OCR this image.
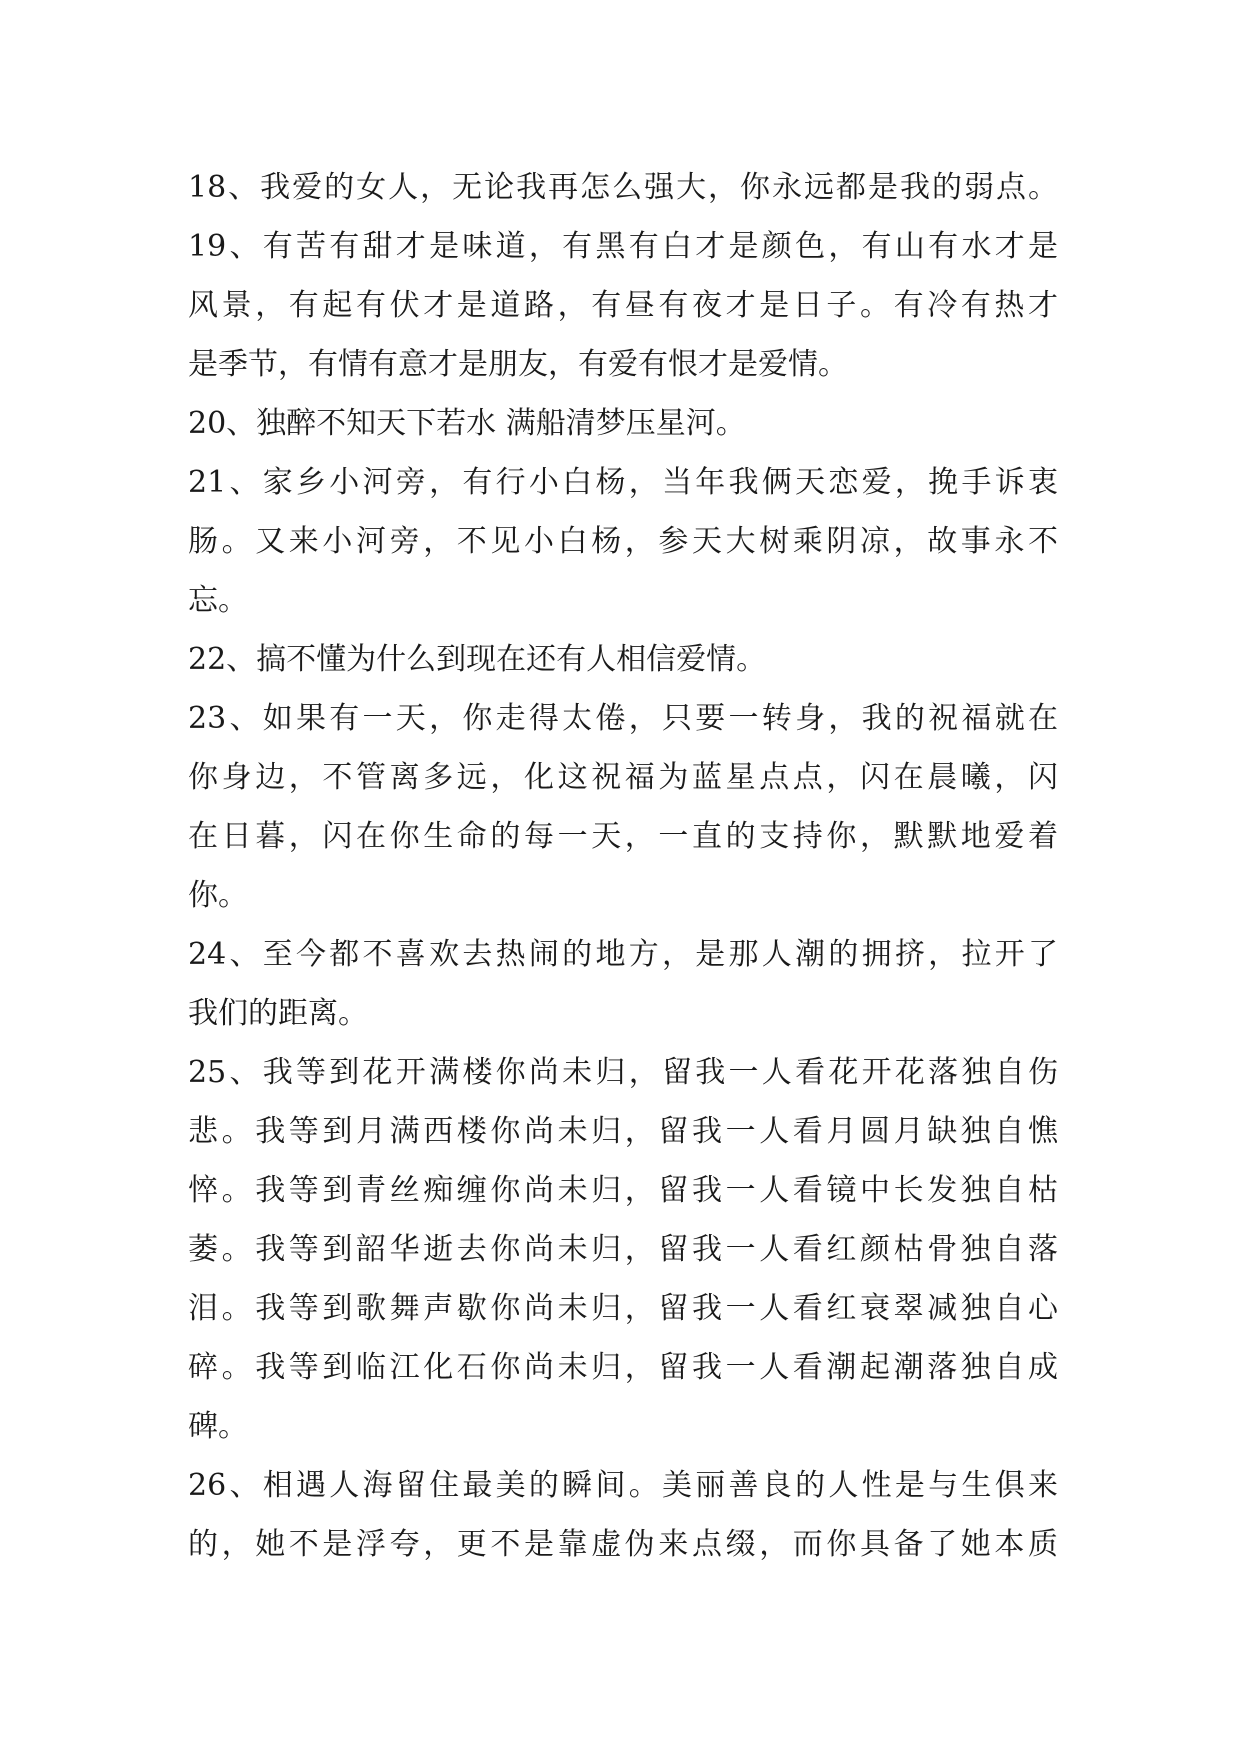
18、我爱的女人，无论我再怎么强大，你永远都是我的弱点。

19、有苦有甜才是味道，有黑有白才是颜色，有山有水才是

风景，有起有伏才是道路，有昼有夜才是日子。有冷有热才

是季节，有情有意才是朋友，有爱有恨才是爱情。

20、独醉不知天下若水 满船清梦压星河。

21、家乡小河旁，有行小白杨，当年我俩天恋爱，挽手诉衷

肠。又来小河旁，不见小白杨，参天大树乘阴凉，故事永不

忘。

22、搞不懂为什么到现在还有人相信爱情。

23、如果有一天，你走得太倦，只要一转身，我的祝福就在

你身边，不管离多远，化这祝福为蓝星点点，闪在晨曦，闪

在日暮，闪在你生命的每一天，一直的支持你，默默地爱着

你。

24、至今都不喜欢去热闹的地方，是那人潮的拥挤，拉开了

我们的距离。

25、我等到花开满楼你尚未归，留我一人看花开花落独自伤

悲。我等到月满西楼你尚未归，留我一人看月圆月缺独自憔

悴。我等到青丝痴缠你尚未归，留我一人看镜中长发独自枯

萎。我等到韶华逝去你尚未归，留我一人看红颜枯骨独自落

泪。我等到歌舞声歇你尚未归，留我一人看红衰翠减独自心

碎。我等到临江化石你尚未归，留我一人看潮起潮落独自成

碑。

26、相遇人海留住最美的瞬间。美丽善良的人性是与生俱来

的，她不是浮夸，更不是靠虚伪来点缀，而你具备了她本质
